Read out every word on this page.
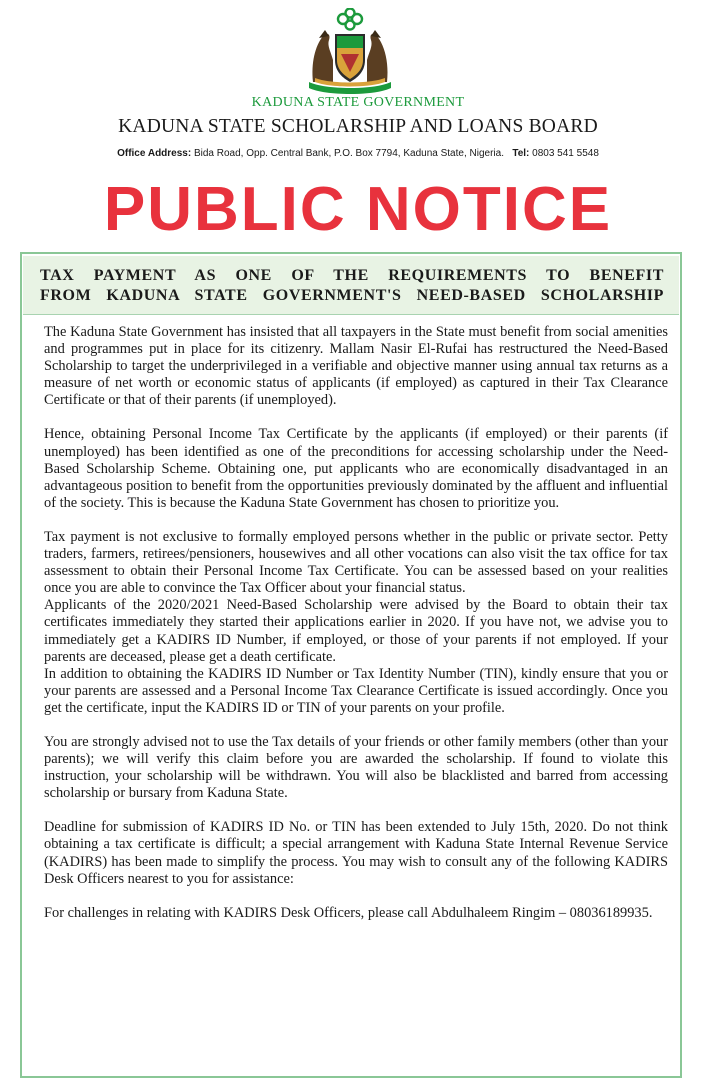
KADUNA STATE GOVERNMENT
KADUNA STATE SCHOLARSHIP AND LOANS BOARD
Office Address: Bida Road, Opp. Central Bank, P.O. Box 7794, Kaduna State, Nigeria. Tel: 0803 541 5548
PUBLIC NOTICE
TAX PAYMENT AS ONE OF THE REQUIREMENTS TO BENEFIT
FROM KADUNA STATE GOVERNMENT'S NEED-BASED SCHOLARSHIP

The Kaduna State Government has insisted that all taxpayers in the State must benefit from social amenities and programmes put in place for its citizenry. Mallam Nasir El-Rufai has restructured the Need-Based Scholarship to target the underprivileged in a verifiable and objective manner using annual tax returns as a measure of net worth or economic status of applicants (if employed) as captured in their Tax Clearance Certificate or that of their parents (if unemployed).

Hence, obtaining Personal Income Tax Certificate by the applicants (if employed) or their parents (if unemployed) has been identified as one of the preconditions for accessing scholarship under the Need-Based Scholarship Scheme. Obtaining one, put applicants who are economically disadvantaged in an advantageous position to benefit from the opportunities previously dominated by the affluent and influential of the society. This is because the Kaduna State Government has chosen to prioritize you.

Tax payment is not exclusive to formally employed persons whether in the public or private sector. Petty traders, farmers, retirees/pensioners, housewives and all other vocations can also visit the tax office for tax assessment to obtain their Personal Income Tax Certificate. You can be assessed based on your realities once you are able to convince the Tax Officer about your financial status.

Applicants of the 2020/2021 Need-Based Scholarship were advised by the Board to obtain their tax certificates immediately they started their applications earlier in 2020. If you have not, we advise you to immediately get a KADIRS ID Number, if employed, or those of your parents if not employed. If your parents are deceased, please get a death certificate.

In addition to obtaining the KADIRS ID Number or Tax Identity Number (TIN), kindly ensure that you or your parents are assessed and a Personal Income Tax Clearance Certificate is issued accordingly. Once you get the certificate, input the KADIRS ID or TIN of your parents on your profile.

You are strongly advised not to use the Tax details of your friends or other family members (other than your parents); we will verify this claim before you are awarded the scholarship. If found to violate this instruction, your scholarship will be withdrawn. You will also be blacklisted and barred from accessing scholarship or bursary from Kaduna State.

Deadline for submission of KADIRS ID No. or TIN has been extended to July 15th, 2020. Do not think obtaining a tax certificate is difficult; a special arrangement with Kaduna State Internal Revenue Service (KADIRS) has been made to simplify the process. You may wish to consult any of the following KADIRS Desk Officers nearest to you for assistance:

For challenges in relating with KADIRS Desk Officers, please call Abdulhaleem Ringim – 08036189935.
